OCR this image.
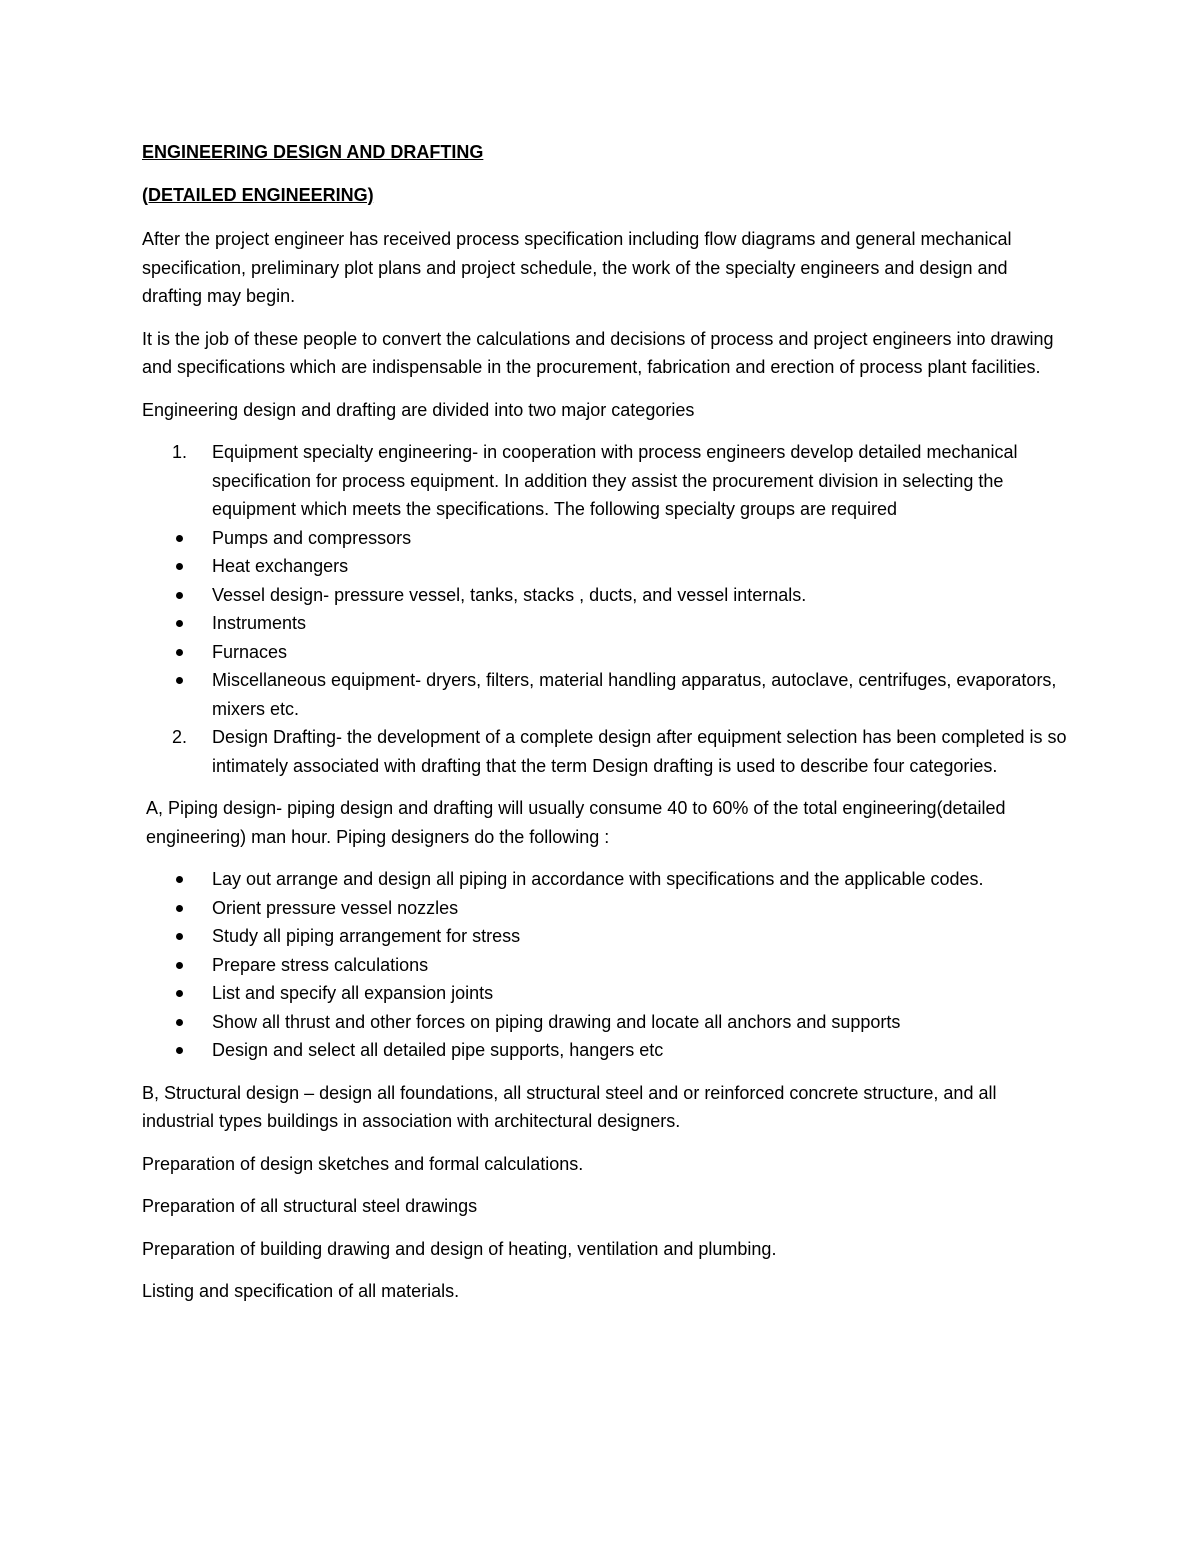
ENGINEERING DESIGN AND DRAFTING
(DETAILED ENGINEERING)

After the project engineer has received process specification including flow diagrams and general mechanical specification, preliminary plot plans and project schedule, the work of the specialty engineers and design and drafting may begin.

It is the job of these people to convert the calculations and decisions of process and project engineers into drawing and specifications which are indispensable in the procurement, fabrication and erection of process plant facilities.

Engineering design and drafting are divided into two major categories

1.	Equipment specialty engineering- in cooperation with process engineers develop detailed mechanical specification for process equipment. In addition they assist the procurement division in selecting the equipment which meets the specifications. The following specialty groups are required
Pumps and compressors
Heat exchangers
Vessel design- pressure vessel, tanks, stacks , ducts, and vessel internals.
Instruments
Furnaces
Miscellaneous equipment- dryers, filters, material handling apparatus, autoclave, centrifuges, evaporators, mixers etc.
2.	Design Drafting- the development of a complete design after equipment selection has been completed is so intimately associated with drafting that the term Design drafting is used to describe four categories.

A, Piping design- piping design and drafting will usually consume 40 to 60% of the total engineering(detailed engineering) man hour. Piping designers do the following :

Lay out arrange and design all piping in accordance with specifications and the applicable codes.
Orient pressure vessel nozzles
Study all piping arrangement for stress
Prepare stress calculations
List and specify all expansion joints
Show all thrust and other forces on piping drawing and locate all anchors and supports
Design and select all detailed pipe supports, hangers etc

B, Structural design – design all foundations, all structural steel and or reinforced concrete structure, and all industrial types buildings in association with architectural designers.

Preparation of design sketches and formal calculations.

Preparation of all structural steel drawings

Preparation of building drawing and design of heating, ventilation and plumbing.

Listing and specification of all materials.
